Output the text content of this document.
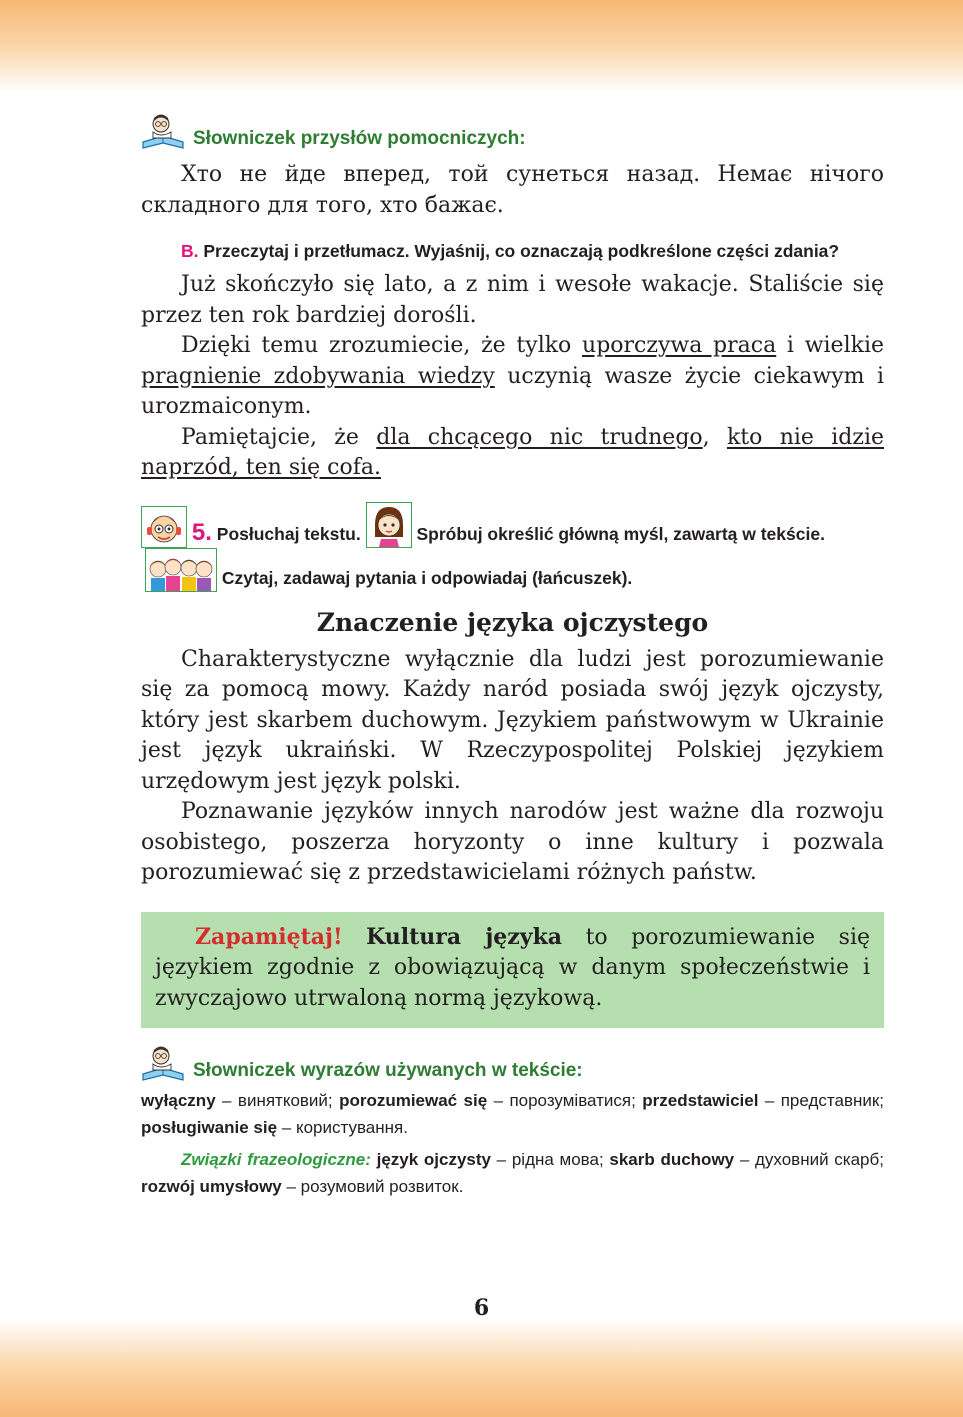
Słowniczek przysłów pomocniczych:

Хто не йде вперед, той сунеться назад. Немає нічого складного для того, хто бажає.

B. Przeczytaj i przetłumacz. Wyjaśnij, co oznaczają podkreślone części zdania?

Już skończyło się lato, a z nim i wesołe wakacje. Staliście się przez ten rok bardziej dorośli.

Dzięki temu zrozumiecie, że tylko uporczywa praca i wielkie pragnienie zdobywania wiedzy uczynią wasze życie ciekawym i urozmaiconym.

Pamiętajcie, że dla chcącego nic trudnego, kto nie idzie naprzód, ten się cofa.

5. Posłuchaj tekstu.	Spróbuj określić główną myśl, zawartą w tekście.  Czytaj, zadawaj pytania i odpowiadaj (łańcuszek).

Znaczenie języka ojczystego

Charakterystyczne wyłącznie dla ludzi jest porozumiewanie się za pomocą mowy. Każdy naród posiada swój język ojczysty, który jest skarbem duchowym. Językiem państwowym w Ukrainie jest język ukraiński. W Rzeczypospolitej Polskiej językiem urzędowym jest język polski.

Poznawanie języków innych narodów jest ważne dla rozwoju osobistego, poszerza horyzonty o inne kultury i pozwala porozumiewać się z przedstawicielami różnych państw.

Zapamiętaj! Kultura języka to porozumiewanie się językiem zgodnie z obowiązującą w danym społeczeństwie i zwyczajowo utrwaloną normą językową.

Słowniczek wyrazów używanych w tekście:

wyłączny – винятковий; porozumiewać się – порозумiватися; przedstawiciel – представник; posługiwanie się – користування.

Związki frazeologiczne: język ojczysty – рідна мова; skarb duchowy – духовний скарб; rozwój umysłowy – розумовий розвиток.

6
